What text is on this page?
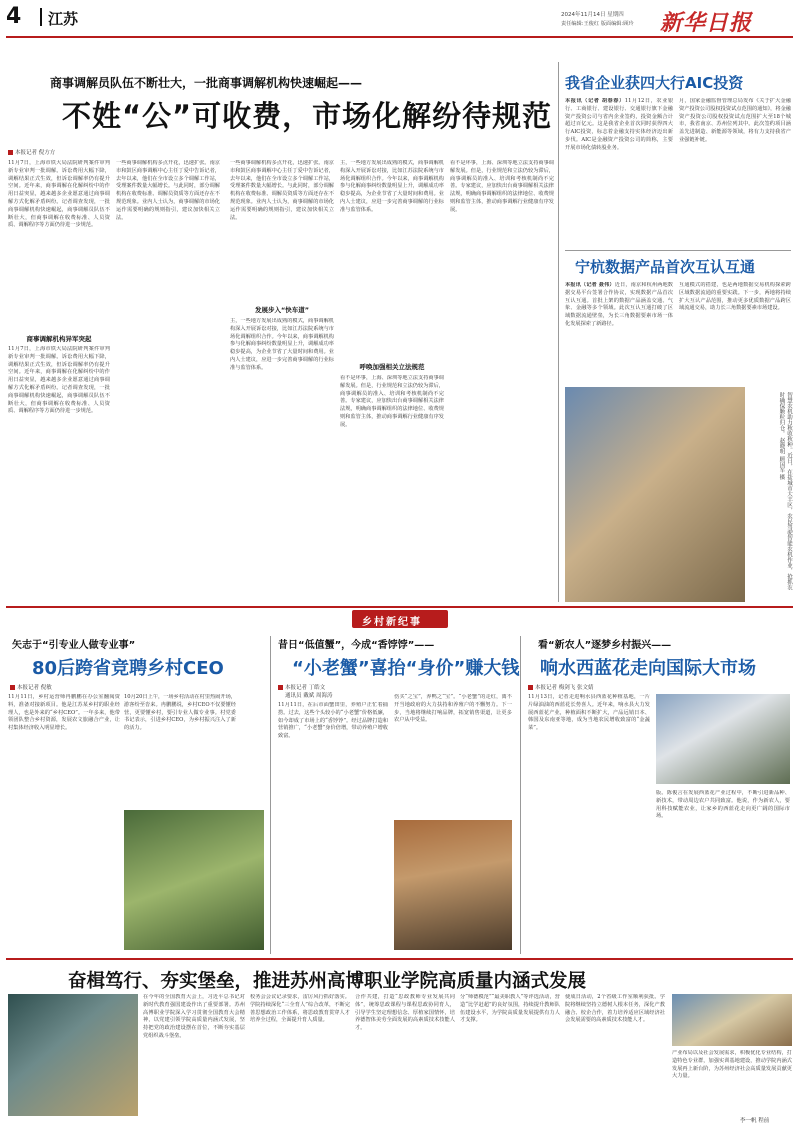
4 江苏	2024年11月14日 星期四
责任编辑:王俊红 版面编辑:顾玲 新华日报
商事调解员队伍不断壮大，一批商事调解机构快速崛起——
不姓“公”可收费，市场化解纷待规范
本报记者 倪方方
11月7日，上海市铁大局法院研判案件审判新专业审判一批调解。诉讼费用大幅下降，调解结果正式生效，但诉讼调解率仍有提升空间。近年来，商事调解在化解纠纷中的作用日益突显，越来越多企业愿意通过商事调解方式化解矛盾纠纷。记者调查发现，一批商事调解机构快速崛起，商事调解员队伍不断壮大，但商事调解在收费标准、人员资质、调解程序等方面仍待进一步规范。
商事调解机构异军突起
11月7日，上海市铁大局法院研判案件审判新专业审判一批调解。诉讼费用大幅下降，调解结果正式生效，但诉讼调解率仍有提升空间。近年来，商事调解在化解纠纷中的作用日益突显，越来越多企业愿意通过商事调解方式化解矛盾纠纷。记者调查发现，一批商事调解机构快速崛起，商事调解员队伍不断壮大，但商事调解在收费标准、人员资质、调解程序等方面仍待进一步规范。
一些商事调解机构多点开花，迅速扩张。南京市和鼓区商事调解中心主任丁爱中告诉记者，去年以来，他们在全市设立多个调解工作站，受理案件数量大幅增长。与此同时，部分调解机构在收费标准、调解员资质等方面还存在不规范现象。业内人士认为，商事调解的市场化运作需要明确的规则指引，建议加快相关立法。
一些商事调解机构多点开花，迅速扩张。南京市和鼓区商事调解中心主任丁爱中告诉记者，去年以来，他们在全市设立多个调解工作站，受理案件数量大幅增长。与此同时，部分调解机构在收费标准、调解员资质等方面还存在不规范现象。业内人士认为，商事调解的市场化运作需要明确的规则指引，建议加快相关立法。
发展步入“快车道”
主，一些地方发展出成熟的模式，商事调解机构深入开展诉讼对接，比如江苏法院系统与市场化调解组织合作。今年以来，商事调解机构参与化解商事纠纷数量明显上升，调解成功率稳步提高，为企业节省了大量时间和费用。业内人士建议，应进一步完善商事调解的行业标准与监管体系。
主，一些地方发展出成熟的模式，商事调解机构深入开展诉讼对接，比如江苏法院系统与市场化调解组织合作。今年以来，商事调解机构参与化解商事纠纷数量明显上升，调解成功率稳步提高，为企业节省了大量时间和费用。业内人士建议，应进一步完善商事调解的行业标准与监管体系。
呼唤加强相关立法规范
看不是坏事，上海、深圳等地立法支持商事调解发展。但是，行业规范和立法仍较为滞后，商事调解员的准入、培训和考核机制尚不完善。专家建议，应加快出台商事调解相关法律法规，明确商事调解组织的法律地位、收费规则和监管主体，推动商事调解行业健康有序发展。
看不是坏事，上海、深圳等地立法支持商事调解发展。但是，行业规范和立法仍较为滞后，商事调解员的准入、培训和考核机制尚不完善。专家建议，应加快出台商事调解相关法律法规，明确商事调解组织的法律地位、收费规则和监管主体，推动商事调解行业健康有序发展。
我省企业获四大行AIC投资
本报讯（记者 胡春春）11月12日，农业银行、工商银行、建设银行、交通银行旗下金融资产投资公司与省内企业签约，投资金额合计超过百亿元。这是我省企业首次同时获得四大行AIC投资，标志着金融支持实体经济迈出新步伐。AIC是金融资产投资公司的简称，主要开展市场化债转股业务。
月，国家金融监督管理总局发布《关于扩大金融资产投资公司股权投资试点范围的通知》，将金融资产投资公司股权投资试点范围扩大至18个城市，我省南京、苏州位列其中。此次签约项目涵盖先进制造、新能源等领域，将有力支持我省产业强链补链。
宁杭数据产品首次互认互通
本报讯（记者 聂伟）近日，南京和杭州两地数据交易平台签署合作协议，实现数据产品首次互认互通。首批上架的数据产品涵盖交通、气象、金融等多个领域。此次互认互通打破了区域数据流通壁垒，为长三角数据要素市场一体化发展探索了新路径。
互通模式的搭建，也是两地数据交易机构探索跨区域数据流通的重要实践。下一步，两地将持续扩大互认产品范围，推动更多优质数据产品跨区域流通交易，助力长三角数据要素市场建设。
智慧农机助力秋收秋种。近日，在盐城市大丰区，农民驾驶智能农机作业，抢抓农时确保颗粒归仓。 赵晓明 顾国军 摄
乡村新纪事
矢志于“引专业人做专业事”
80后跨省竞聘乡村CEO
本报记者 倪敏
11月11日，乡村运营师冉鹏鹏在办公室翻阅资料，准备对接新项目。他是江苏某乡村的职业经理人，也是外来的“乡村CEO”。一年多来，他带领团队整合乡村资源，发展农文旅融合产业，让村集体经济收入明显增长。
10月20日上午，一场乡村活动在村里热闹开场，游客纷至沓来。冉鹏鹏说，乡村CEO不仅要懂经营，更要懂乡村，要引专业人做专业事。村党委书记表示，引进乡村CEO，为乡村振兴注入了新的活力。
昔日“低值蟹”，今成“香饽饽”——
“小老蟹”喜抬“身价”赚大钱
本报记者 丁皓文
通讯员 戴斌 周海涛
11月11日，在后市面蟹田里，养殖户正忙着捕捞。过去，这些个头较小的“小老蟹”价格低廉，如今却成了市场上的“香饽饽”。经过品牌打造和营销推广，“小老蟹”身价倍增，带动养殖户增收致富。
伤买“之宝”，养鸭之“宝”。“小老蟹”的走红，离不开当地政府的大力扶持和养殖户的不懈努力。下一步，当地将继续打响品牌，拓宽销售渠道，让更多农户从中受益。
看“新农人”逐梦乡村振兴——
响水西蓝花走向国际大市场
本报记者 梅剑飞 张文婧
11月13日，记者走进响水县西蓝花种植基地，一片片绿油油的西蓝花长势喜人。近年来，响水县大力发展西蓝花产业，种植面积不断扩大，产品远销日本、韩国及东南亚等地，成为当地农民增收致富的“金蔬菜”。
版。陈俊言在发展西蓝花产业过程中，不断引进新品种、新技术，带动周边农户共同致富。他说，作为新农人，要用科技赋能农业，让家乡的西蓝花走向更广阔的国际市场。
奋楫笃行、夯实堡垒，推进苏州高博职业学院高质量内涵式发展
在今年的全国教育大会上，习近平总书记对新时代教育强国建设作出了重要部署。苏州高博职业学院深入学习贯彻全国教育大会精神，以党建引领学院高质量内涵式发展，坚持把党的政治建设摆在首位，不断夯实基层党组织战斗堡垒。
校务会会议记录要求，雷厉风行抓好落实。学院持续深化“三全育人”综合改革，不断完善思想政治工作体系，将思政教育贯穿人才培养全过程，全面提升育人质量。
合作共建，打造“思政教师专业发展共同体”，统筹思政课程与课程思政协同育人，引导学生坚定理想信念、厚植家国情怀，培养德智体美劳全面发展的高素质技术技能人才。
分“师德模范”“最美职教人”等评选活动，营造“比学赶超”的良好氛围，持续提升教师队伍建设水平，为学院高质量发展提供有力人才支撑。
使成日活动，2个省级工作室顺利获批。学院将继续坚持立德树人根本任务，深化产教融合、校企合作，着力培养适应区域经济社会发展需要的高素质技术技能人才。
产业布局以及社会发展需求，积极优化专业结构，打造特色专业群，加强实训基地建设，推动学院内涵式发展再上新台阶，为苏州经济社会高质量发展贡献更大力量。
李一帆 程前
